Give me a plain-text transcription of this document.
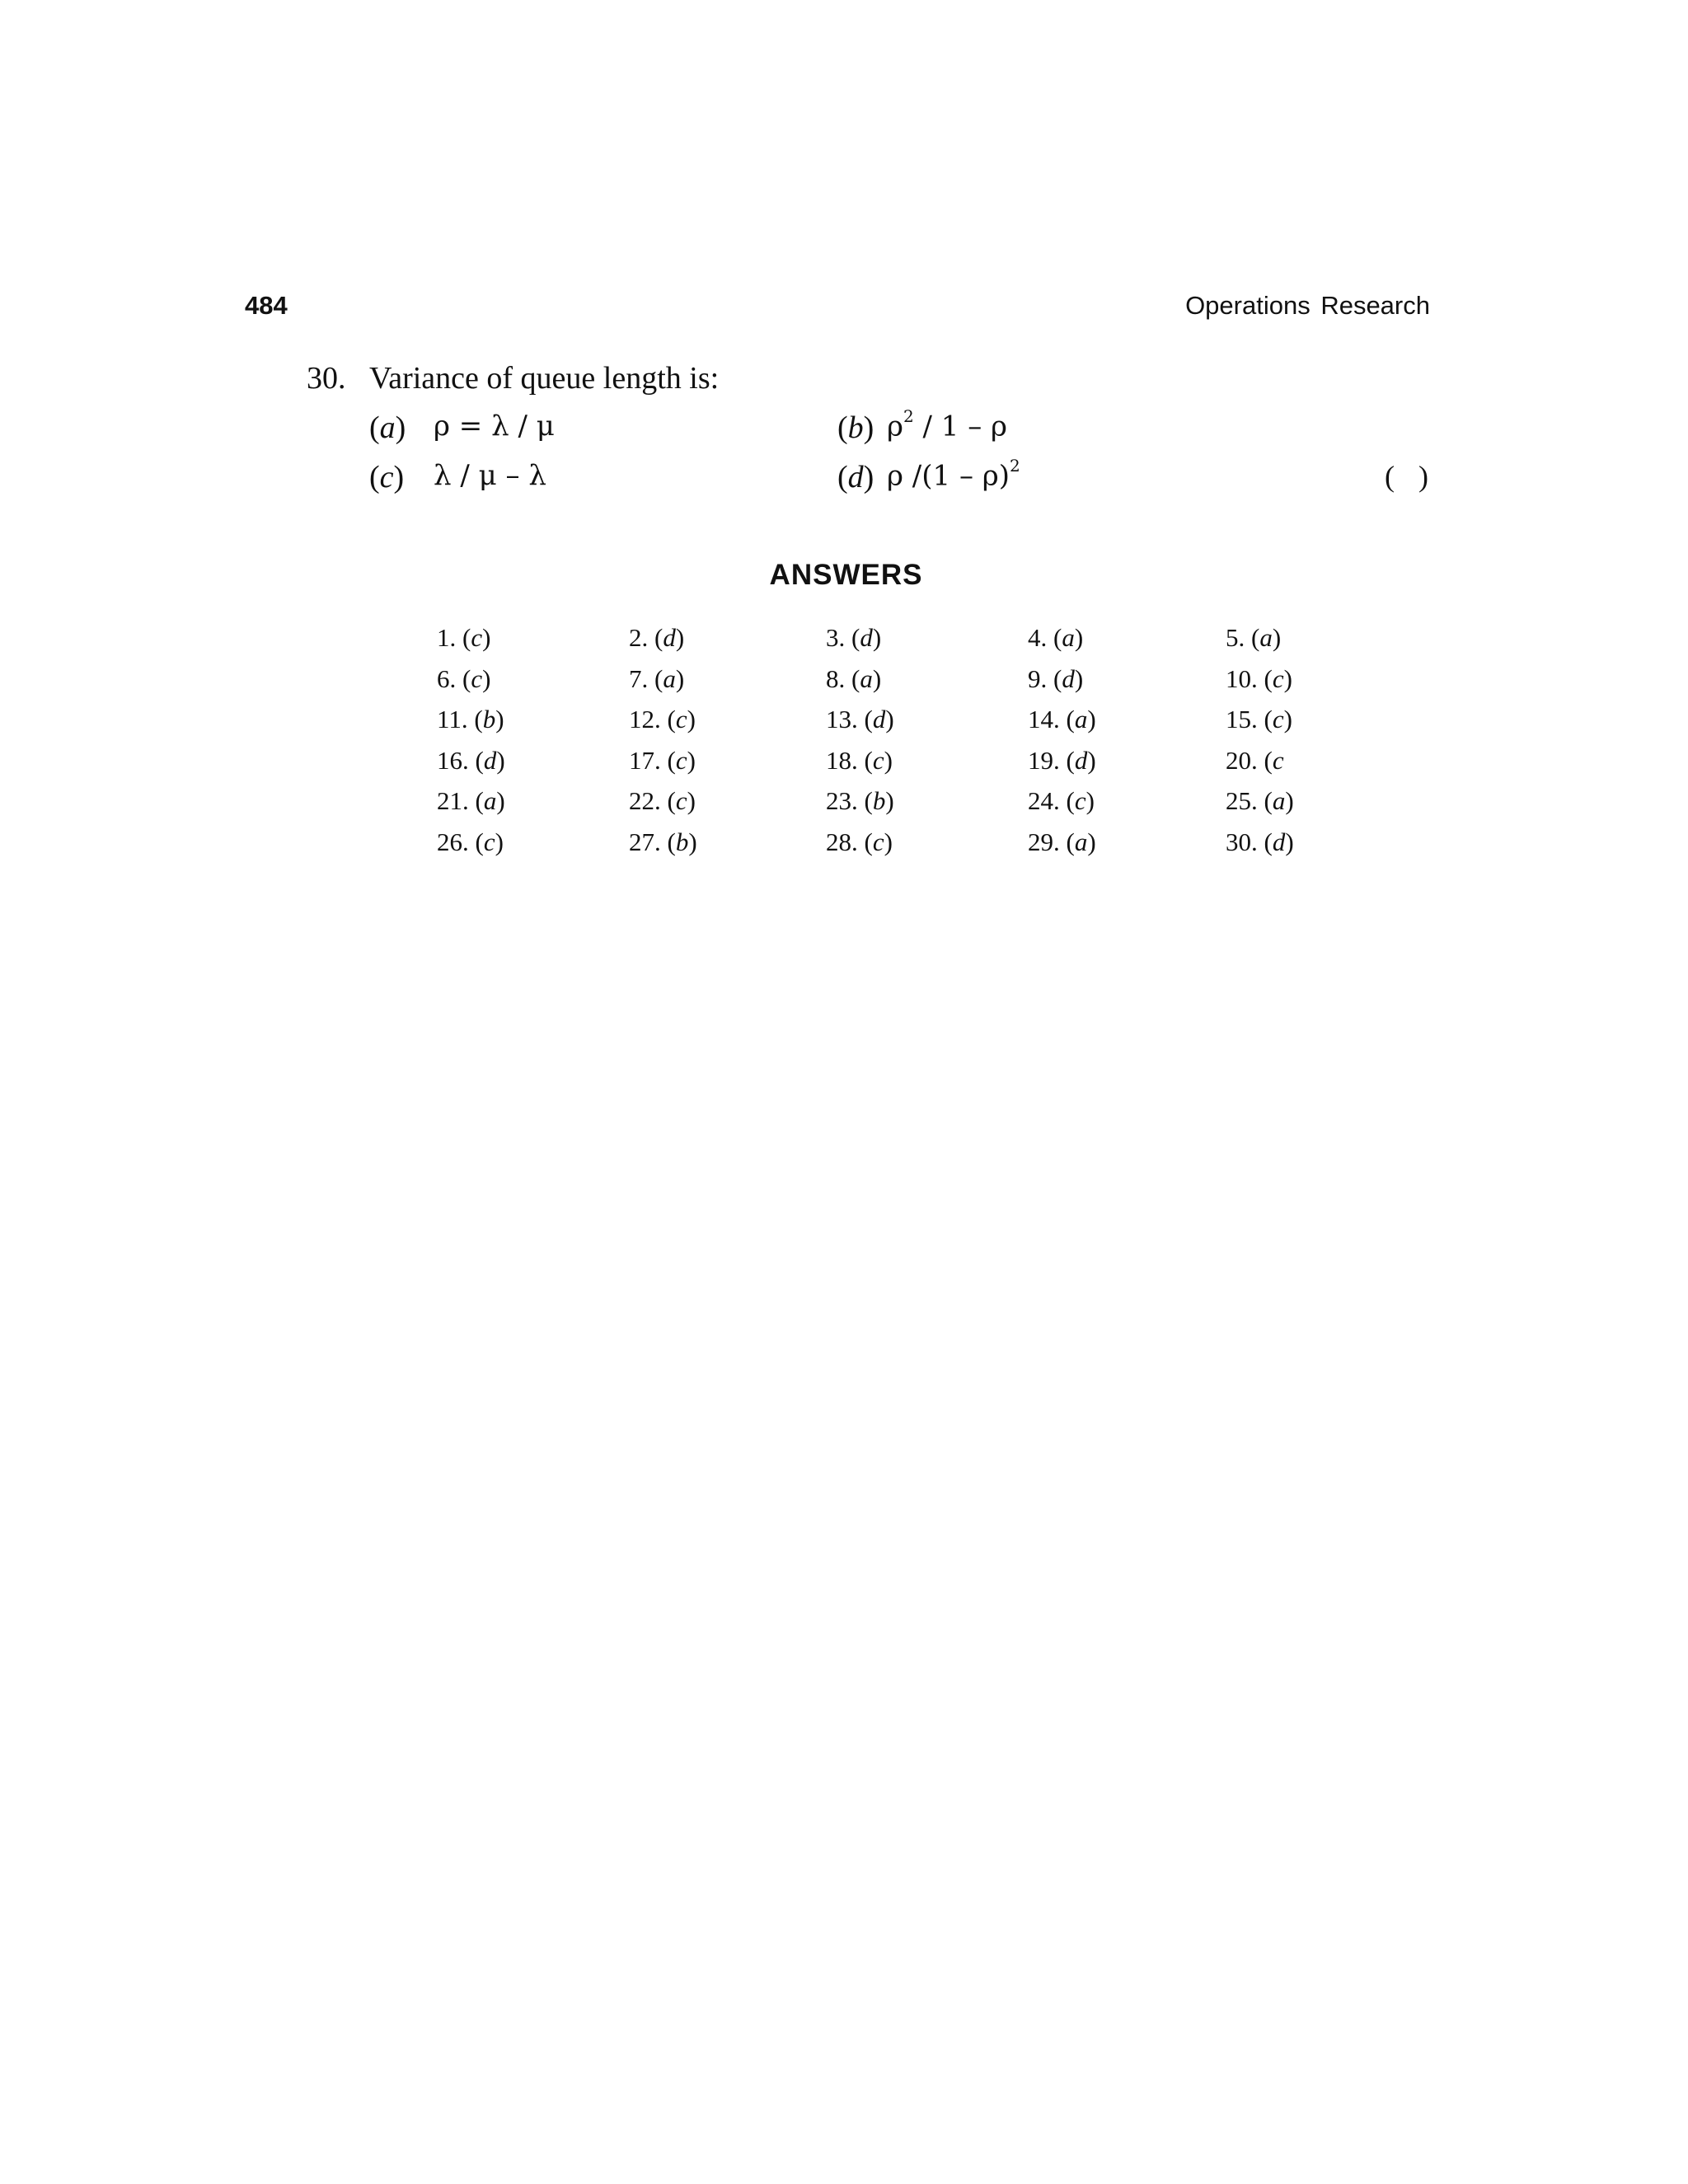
484	Operations Research
30. Variance of queue length is:
(a) ρ = λ / μ	(b) $\rho^2 / 1$ – ρ
(c) λ / μ – λ	(d) ρ /(1 – ρ)$^2$	( )
ANSWERS
1. (c)	2. (d)	3. (d)	4. (a)	5. (a)
6. (c)	7. (a)	8. (a)	9. (d)	10. (c)
11. (b)	12. (c)	13. (d)	14. (a)	15. (c)
16. (d)	17. (c)	18. (c)	19. (d)	20. (c
21. (a)	22. (c)	23. (b)	24. (c)	25. (a)
26. (c)	27. (b)	28. (c)	29. (a)	30. (d)
